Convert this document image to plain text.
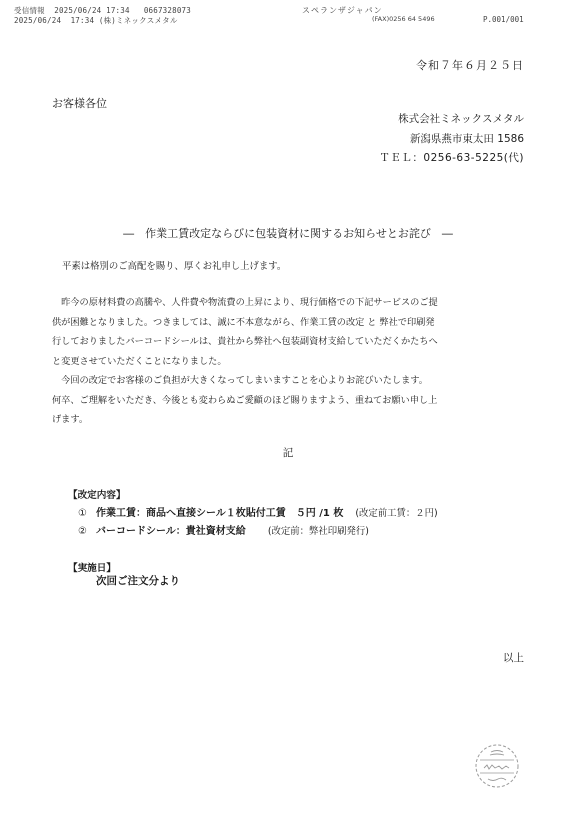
受信情報  2025/06/24 17:34   0667328073
2025/06/24  17:34 (株)ミネックスメタル
スペランザジャパン
(FAX)0256 64 5496	P.001/001
令和７年６月２５日
お客様各位
株式会社ミネックスメタル
新潟県燕市東太田 1586
ＴＥＬ：0256-63-5225(代)
―　作業工賃改定ならびに包装資材に関するお知らせとお詫び　―
平素は格別のご高配を賜り、厚くお礼申し上げます。

　昨今の原材料費の高騰や、人件費や物流費の上昇により、現行価格での下記サービスのご提

供が困難となりました。つきましては、誠に不本意ながら、作業工賃の改定 と 弊社で印刷発

行しておりましたバーコードシールは、貴社から弊社へ包装副資材支給していただくかたちへ

と変更させていただくことになりました。

　今回の改定でお客様のご負担が大きくなってしまいますことを心よりお詫びいたします。

何卒、ご理解をいただき、今後とも変わらぬご愛顧のほど賜りますよう、重ねてお願い申し上

げます。

記
【改定内容】
① 作業工賃：商品へ直接シール１枚貼付工賃　５円 /1 枚 (改定前工賃：２円)
② バーコードシール：貴社資材支給 (改定前：弊社印刷発行)
【実施日】
次回ご注文分より
以上
